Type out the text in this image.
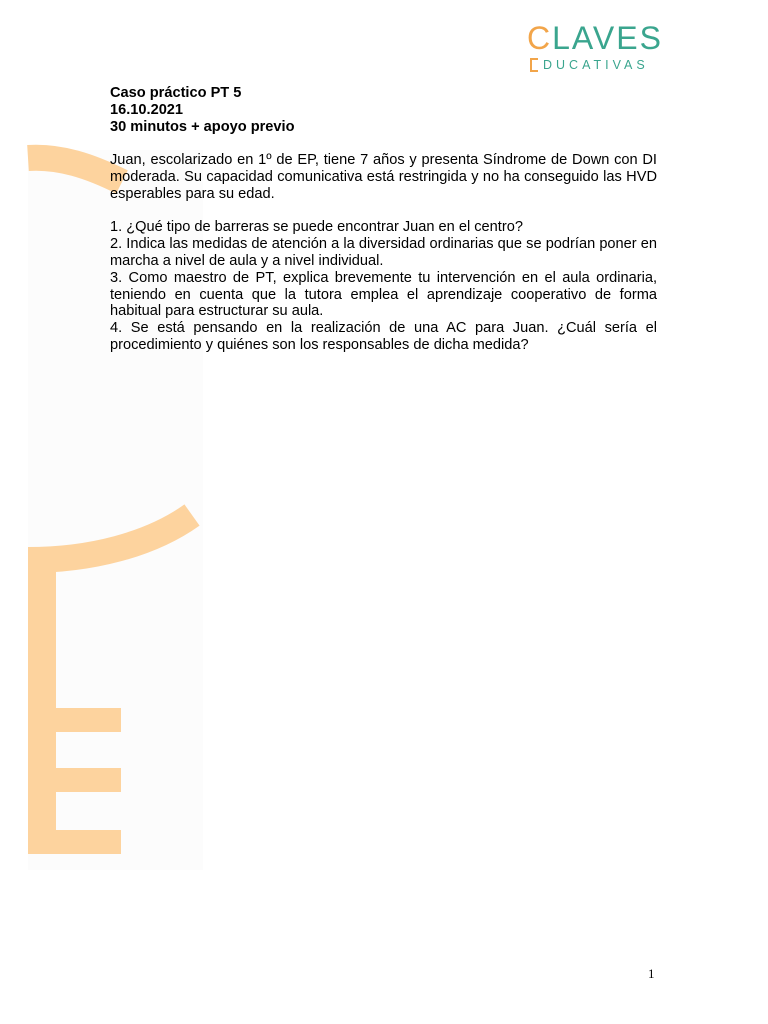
CLAVES
DUCATIVAS

Caso práctico PT 5

16.10.2021

30 minutos + apoyo previo

Juan, escolarizado en 1º de EP, tiene 7 años y presenta Síndrome de Down con DI moderada. Su capacidad comunicativa está restringida y no ha conseguido las HVD esperables para su edad.

1. ¿Qué tipo de barreras se puede encontrar Juan en el centro?

2. Indica las medidas de atención a la diversidad ordinarias que se podrían poner en marcha a nivel de aula y a nivel individual.

3. Como maestro de PT, explica brevemente tu intervención en el aula ordinaria, teniendo en cuenta que la tutora emplea el aprendizaje cooperativo de forma habitual para estructurar su aula.

4. Se está pensando en la realización de una AC para Juan. ¿Cuál sería el procedimiento y quiénes son los responsables de dicha medida?

1
